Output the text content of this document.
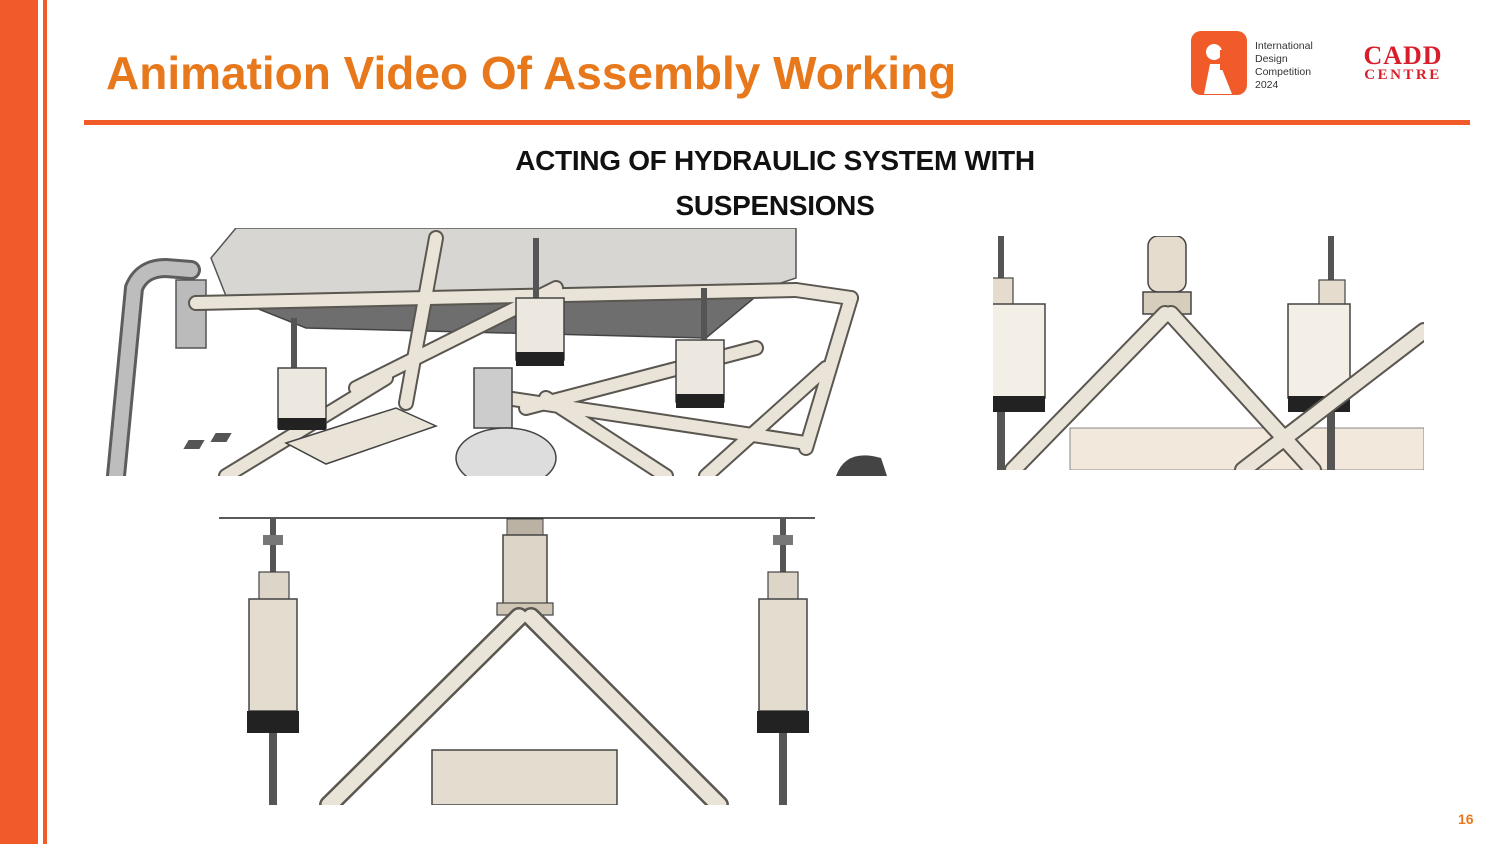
Animation Video Of Assembly Working
International
Design
Competition
2024
CADD
CENTRE
ACTING OF HYDRAULIC SYSTEM WITH SUSPENSIONS
16
